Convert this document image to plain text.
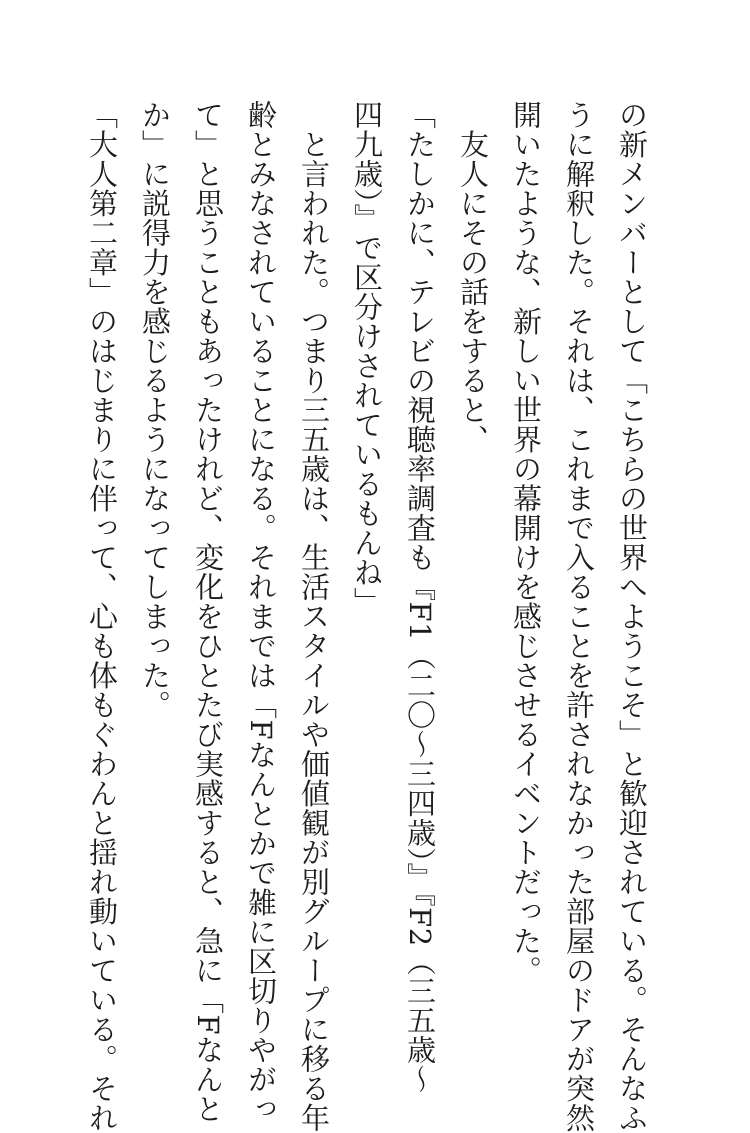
の新メンバーとして「こちらの世界へようこそ」と歓迎されている。そんなふ
うに解釈した。それは、これまで入ることを許されなかった部屋のドアが突然
開いたような、新しい世界の幕開けを感じさせるイベントだった。
　友人にその話をすると、
「たしかに、テレビの視聴率調査も『F1（二〇～三四歳）』『F2（三五歳～
四九歳）』で区分けされているもんね」
　と言われた。つまり三五歳は、生活スタイルや価値観が別グループに移る年
齢とみなされていることになる。それまでは「Fなんとかで雑に区切りやがっ
て」と思うこともあったけれど、変化をひとたび実感すると、急に「Fなんと
か」に説得力を感じるようになってしまった。
「大人第二章」のはじまりに伴って、心も体もぐわんと揺れ動いている。それ
